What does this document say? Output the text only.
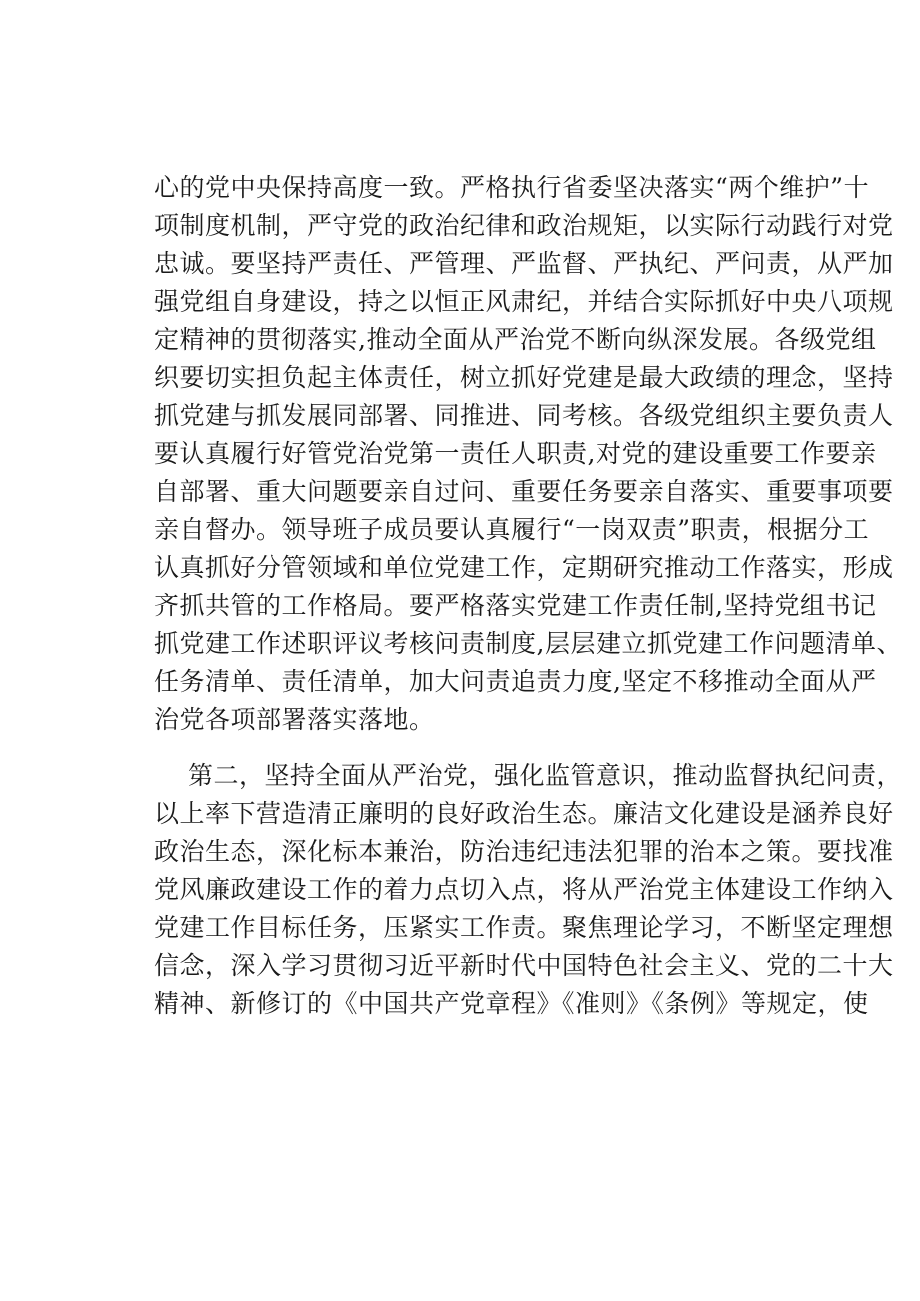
心的党中央保持高度一致。严格执行省委坚决落实“两个维护”十
项制度机制，严守党的政治纪律和政治规矩，以实际行动践行对党
忠诚。要坚持严责任、严管理、严监督、严执纪、严问责，从严加
强党组自身建设，持之以恒正风肃纪，并结合实际抓好中央八项规
定精神的贯彻落实,推动全面从严治党不断向纵深发展。各级党组
织要切实担负起主体责任，树立抓好党建是最大政绩的理念，坚持
抓党建与抓发展同部署、同推进、同考核。各级党组织主要负责人
要认真履行好管党治党第一责任人职责,对党的建设重要工作要亲
自部署、重大问题要亲自过问、重要任务要亲自落实、重要事项要
亲自督办。领导班子成员要认真履行“一岗双责”职责，根据分工
认真抓好分管领域和单位党建工作，定期研究推动工作落实，形成
齐抓共管的工作格局。要严格落实党建工作责任制,坚持党组书记
抓党建工作述职评议考核问责制度,层层建立抓党建工作问题清单、
任务清单、责任清单，加大问责追责力度,坚定不移推动全面从严
治党各项部署落实落地。
第二，坚持全面从严治党，强化监管意识，推动监督执纪问责，
以上率下营造清正廉明的良好政治生态。廉洁文化建设是涵养良好
政治生态，深化标本兼治，防治违纪违法犯罪的治本之策。要找准
党风廉政建设工作的着力点切入点，将从严治党主体建设工作纳入
党建工作目标任务，压紧实工作责。聚焦理论学习，不断坚定理想
信念，深入学习贯彻习近平新时代中国特色社会主义、党的二十大
精神、新修订的《中国共产党章程》《准则》《条例》等规定，使
